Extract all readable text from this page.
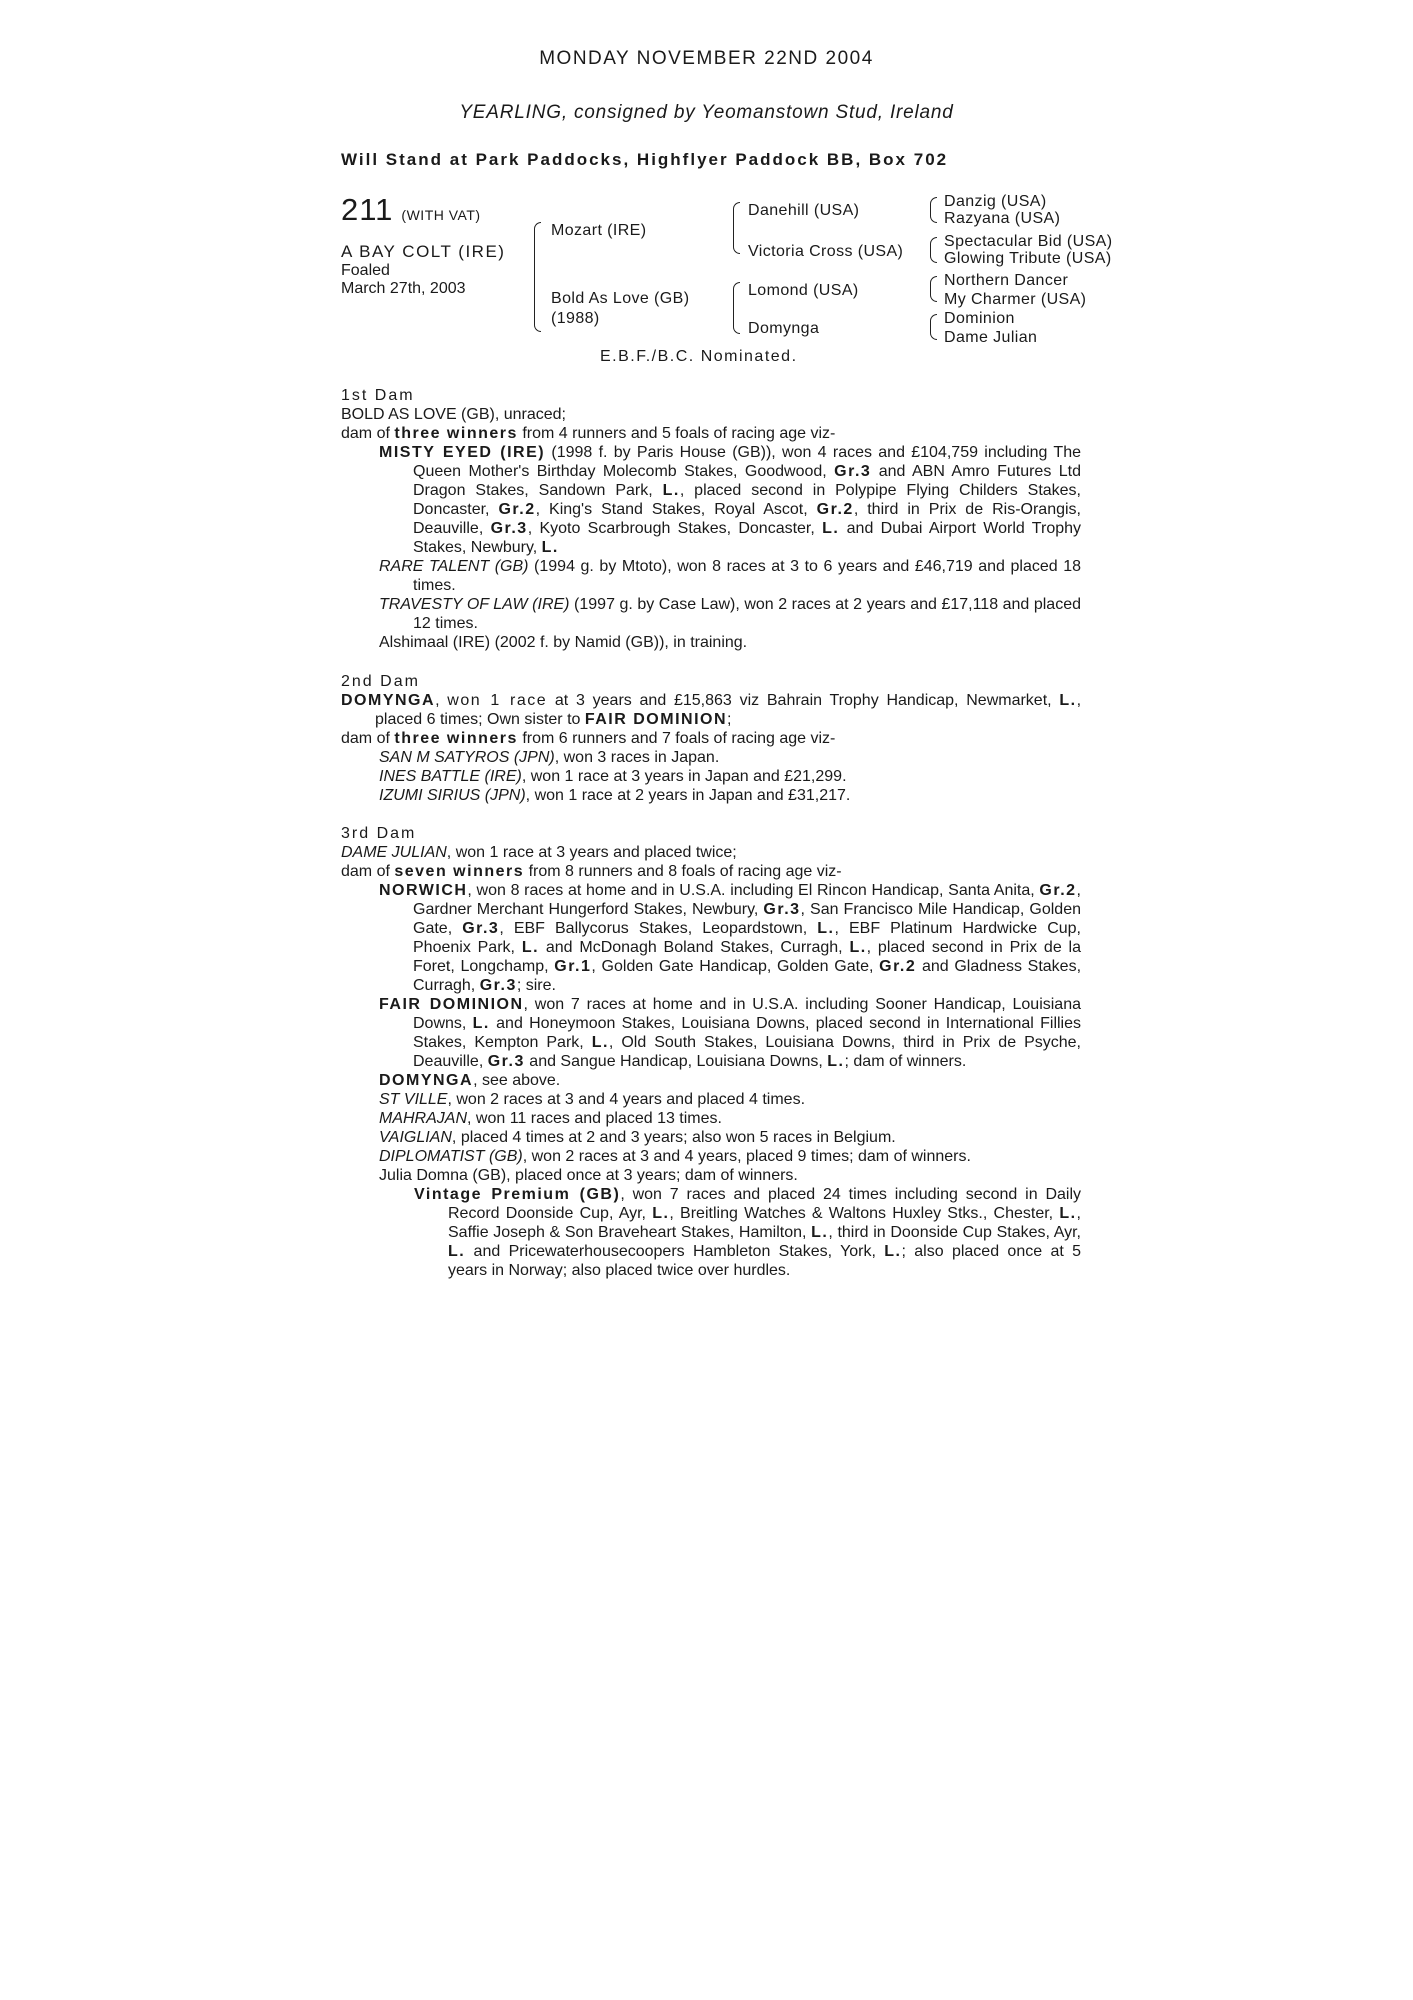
MONDAY NOVEMBER 22ND 2004
YEARLING, consigned by Yeomanstown Stud, Ireland
Will Stand at Park Paddocks, Highflyer Paddock BB, Box 702
211 (WITH VAT)
A BAY COLT (IRE)
Foaled
March 27th, 2003
Mozart (IRE)
Bold As Love (GB)
(1988)
Danehill (USA)
Victoria Cross (USA)
Lomond (USA)
Domynga
Danzig (USA)
Razyana (USA)
Spectacular Bid (USA)
Glowing Tribute (USA)
Northern Dancer
My Charmer (USA)
Dominion
Dame Julian
E.B.F./B.C. Nominated.

1st Dam

BOLD AS LOVE (GB), unraced;

dam of three winners from 4 runners and 5 foals of racing age viz-

MISTY EYED (IRE) (1998 f. by Paris House (GB)), won 4 races and £104,759 including The Queen Mother's Birthday Molecomb Stakes, Goodwood, Gr.3 and ABN Amro Futures Ltd Dragon Stakes, Sandown Park, L., placed second in Polypipe Flying Childers Stakes, Doncaster, Gr.2, King's Stand Stakes, Royal Ascot, Gr.2, third in Prix de Ris-Orangis, Deauville, Gr.3, Kyoto Scarbrough Stakes, Doncaster, L. and Dubai Airport World Trophy Stakes, Newbury, L.

RARE TALENT (GB) (1994 g. by Mtoto), won 8 races at 3 to 6 years and £46,719 and placed 18 times.

TRAVESTY OF LAW (IRE) (1997 g. by Case Law), won 2 races at 2 years and £17,118 and placed 12 times.

Alshimaal (IRE) (2002 f. by Namid (GB)), in training.

2nd Dam

DOMYNGA, won 1 race at 3 years and £15,863 viz Bahrain Trophy Handicap, Newmarket, L., placed 6 times; Own sister to FAIR DOMINION;

dam of three winners from 6 runners and 7 foals of racing age viz-

SAN M SATYROS (JPN), won 3 races in Japan.

INES BATTLE (IRE), won 1 race at 3 years in Japan and £21,299.

IZUMI SIRIUS (JPN), won 1 race at 2 years in Japan and £31,217.

3rd Dam

DAME JULIAN, won 1 race at 3 years and placed twice;

dam of seven winners from 8 runners and 8 foals of racing age viz-

NORWICH, won 8 races at home and in U.S.A. including El Rincon Handicap, Santa Anita, Gr.2, Gardner Merchant Hungerford Stakes, Newbury, Gr.3, San Francisco Mile Handicap, Golden Gate, Gr.3, EBF Ballycorus Stakes, Leopardstown, L., EBF Platinum Hardwicke Cup, Phoenix Park, L. and McDonagh Boland Stakes, Curragh, L., placed second in Prix de la Foret, Longchamp, Gr.1, Golden Gate Handicap, Golden Gate, Gr.2 and Gladness Stakes, Curragh, Gr.3; sire.

FAIR DOMINION, won 7 races at home and in U.S.A. including Sooner Handicap, Louisiana Downs, L. and Honeymoon Stakes, Louisiana Downs, placed second in International Fillies Stakes, Kempton Park, L., Old South Stakes, Louisiana Downs, third in Prix de Psyche, Deauville, Gr.3 and Sangue Handicap, Louisiana Downs, L.; dam of winners.

DOMYNGA, see above.

ST VILLE, won 2 races at 3 and 4 years and placed 4 times.

MAHRAJAN, won 11 races and placed 13 times.

VAIGLIAN, placed 4 times at 2 and 3 years; also won 5 races in Belgium.

DIPLOMATIST (GB), won 2 races at 3 and 4 years, placed 9 times; dam of winners.

Julia Domna (GB), placed once at 3 years; dam of winners.

Vintage Premium (GB), won 7 races and placed 24 times including second in Daily Record Doonside Cup, Ayr, L., Breitling Watches & Waltons Huxley Stks., Chester, L., Saffie Joseph & Son Braveheart Stakes, Hamilton, L., third in Doonside Cup Stakes, Ayr, L. and Pricewaterhousecoopers Hambleton Stakes, York, L.; also placed once at 5 years in Norway; also placed twice over hurdles.
